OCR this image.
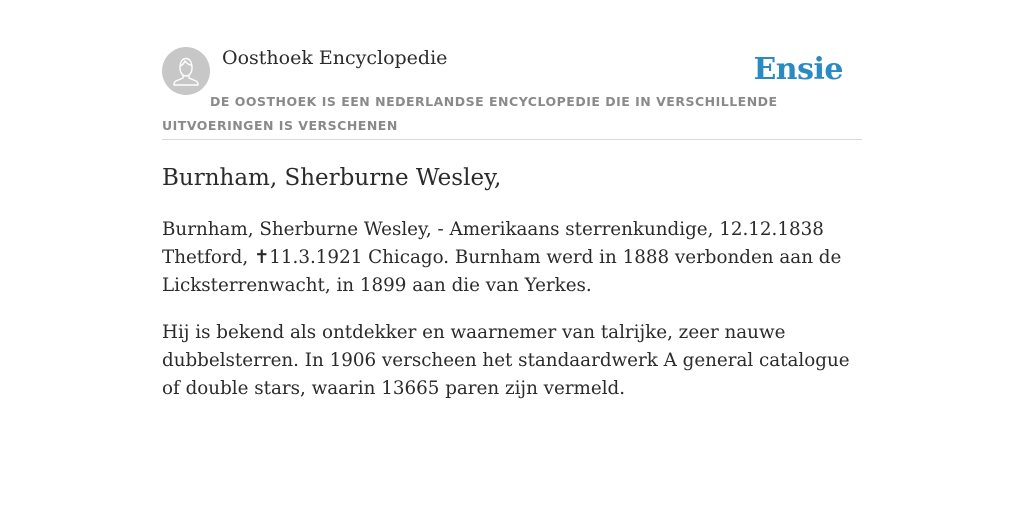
Oosthoek Encyclopedie	Ensie
DE OOSTHOEK IS EEN NEDERLANDSE ENCYCLOPEDIE DIE IN VERSCHILLENDE UITVOERINGEN IS VERSCHENEN
Burnham, Sherburne Wesley,

Burnham, Sherburne Wesley, - Amerikaans sterrenkundige, 12.12.1838 Thetford, ✝11.3.1921 Chicago. Burnham werd in 1888 verbonden aan de Licksterrenwacht, in 1899 aan die van Yerkes.

Hij is bekend als ontdekker en waarnemer van talrijke, zeer nauwe dubbelsterren. In 1906 verscheen het standaardwerk A general catalogue of double stars, waarin 13665 paren zijn vermeld.
